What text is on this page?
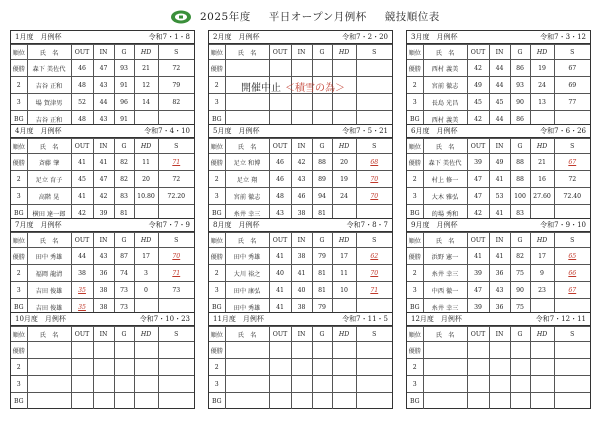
2025年度 平日オープン月例杯 競技順位表
1月度　月例杯	令和7・1・8
順位	氏　名	OUT	IN	G	HD	S
優勝	森下 美佐代	46	47	93	21	72
2	吉谷 正和	48	43	91	12	79
3	場 賀津男	52	44	96	14	82
BG	吉谷 正和	48	43	91		
2月度　月例杯	令和7・2・20
順位	氏　名	OUT	IN	G	HD	S
優勝						
2						
3						
BG						
開催中止 ＜積雪の為＞
3月度　月例杯	令和7・3・12
順位	氏　名	OUT	IN	G	HD	S
優勝	西村 義美	42	44	86	19	67
2	宮前 徹志	49	44	93	24	69
3	長島 光昌	45	45	90	13	77
BG	西村 義美	42	44	86		
4月度　月例杯	令和7・4・10
順位	氏　名	OUT	IN	G	HD	S
優勝	斉藤 肇	41	41	82	11	71
2	足立 育子	45	47	82	20	72
3	高階 晃	41	42	83	10.80	72.20
BG	横田 達一郎	42	39	81		
5月度　月例杯	令和7・5・21
順位	氏　名	OUT	IN	G	HD	S
優勝	足立 和博	46	42	88	20	68
2	足立 翔	46	43	89	19	70
3	宮前 徹志	48	46	94	24	70
BG	糸井 幸三	43	38	81		
6月度　月例杯	令和7・6・26
順位	氏　名	OUT	IN	G	HD	S
優勝	森下 美佐代	39	49	88	21	67
2	村上 修一	47	41	88	16	72
3	大木 雅弘	47	53	100	27.60	72.40
BG	的場 秀和	42	41	83		
7月度　月例杯	令和7・7・9
順位	氏　名	OUT	IN	G	HD	S
優勝	田中 秀雄	44	43	87	17	70
2	福岡 龍清	38	36	74	3	71
3	吉田 俊雄	35	38	73	0	73
BG	吉田 俊雄	35	38	73		
8月度　月例杯	令和7・8・7
順位	氏　名	OUT	IN	G	HD	S
優勝	田中 秀雄	41	38	79	17	62
2	大川 裕之	40	41	81	11	70
3	田中 康弘	41	40	81	10	71
BG	田中 秀雄	41	38	79		
9月度　月例杯	令和7・9・10
順位	氏　名	OUT	IN	G	HD	S
優勝	浜野 憲一	41	41	82	17	65
2	糸井 幸三	39	36	75	9	66
3	中西 徹一	47	43	90	23	67
BG	糸井 幸三	39	36	75		
10月度　月例杯	令和7・10・23
順位	氏　名	OUT	IN	G	HD	S
優勝						
2						
3						
BG						
11月度　月例杯	令和7・11・5
順位	氏　名	OUT	IN	G	HD	S
優勝						
2						
3						
BG						
12月度　月例杯	令和7・12・11
順位	氏　名	OUT	IN	G	HD	S
優勝						
2						
3						
BG						
